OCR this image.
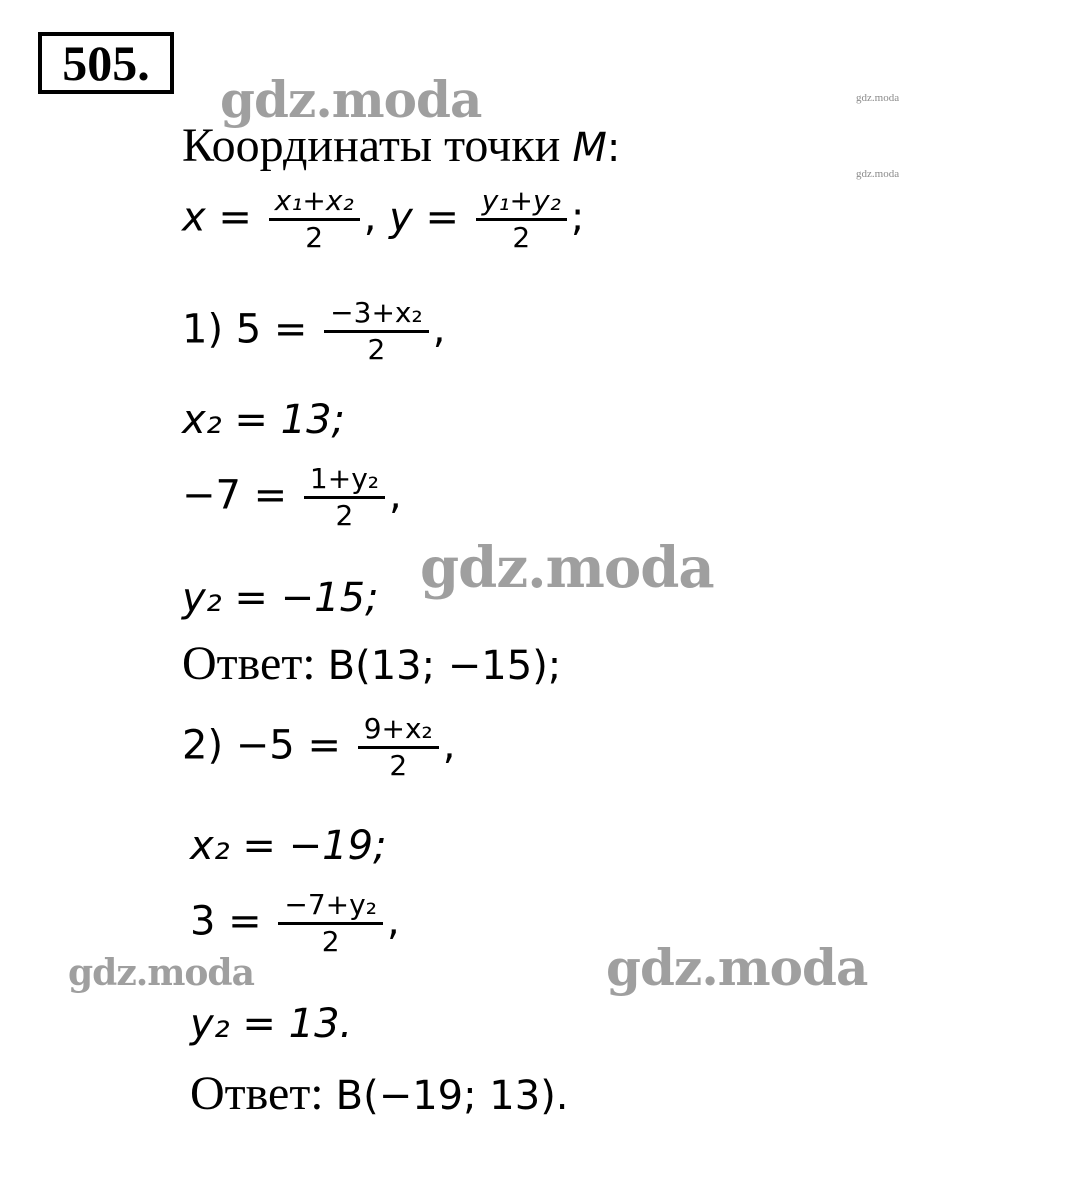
505.
gdz.moda	gdz.moda
gdz.moda
gdz.moda
gdz.moda	gdz.moda
Координаты точки M:
$x = \frac{\text{x₁+x₂}}{2}$ , $y = \frac{\text{y₁+y₂}}{2}$ ;
1) $5 = \frac{\text{−3+x₂}}{2}$ ,
x₂ = 13;
$-7 = \frac{\text{1+y₂}}{2}$ ,
y₂ = −15;
Ответ: B(13; −15);
$2) -5 = \frac{\text{9+x₂}}{2}$ ,
x₂ = −19;
$3 = \frac{\text{−7+y₂}}{2}$ ,
y₂ = 13.
Ответ: B(−19; 13).
